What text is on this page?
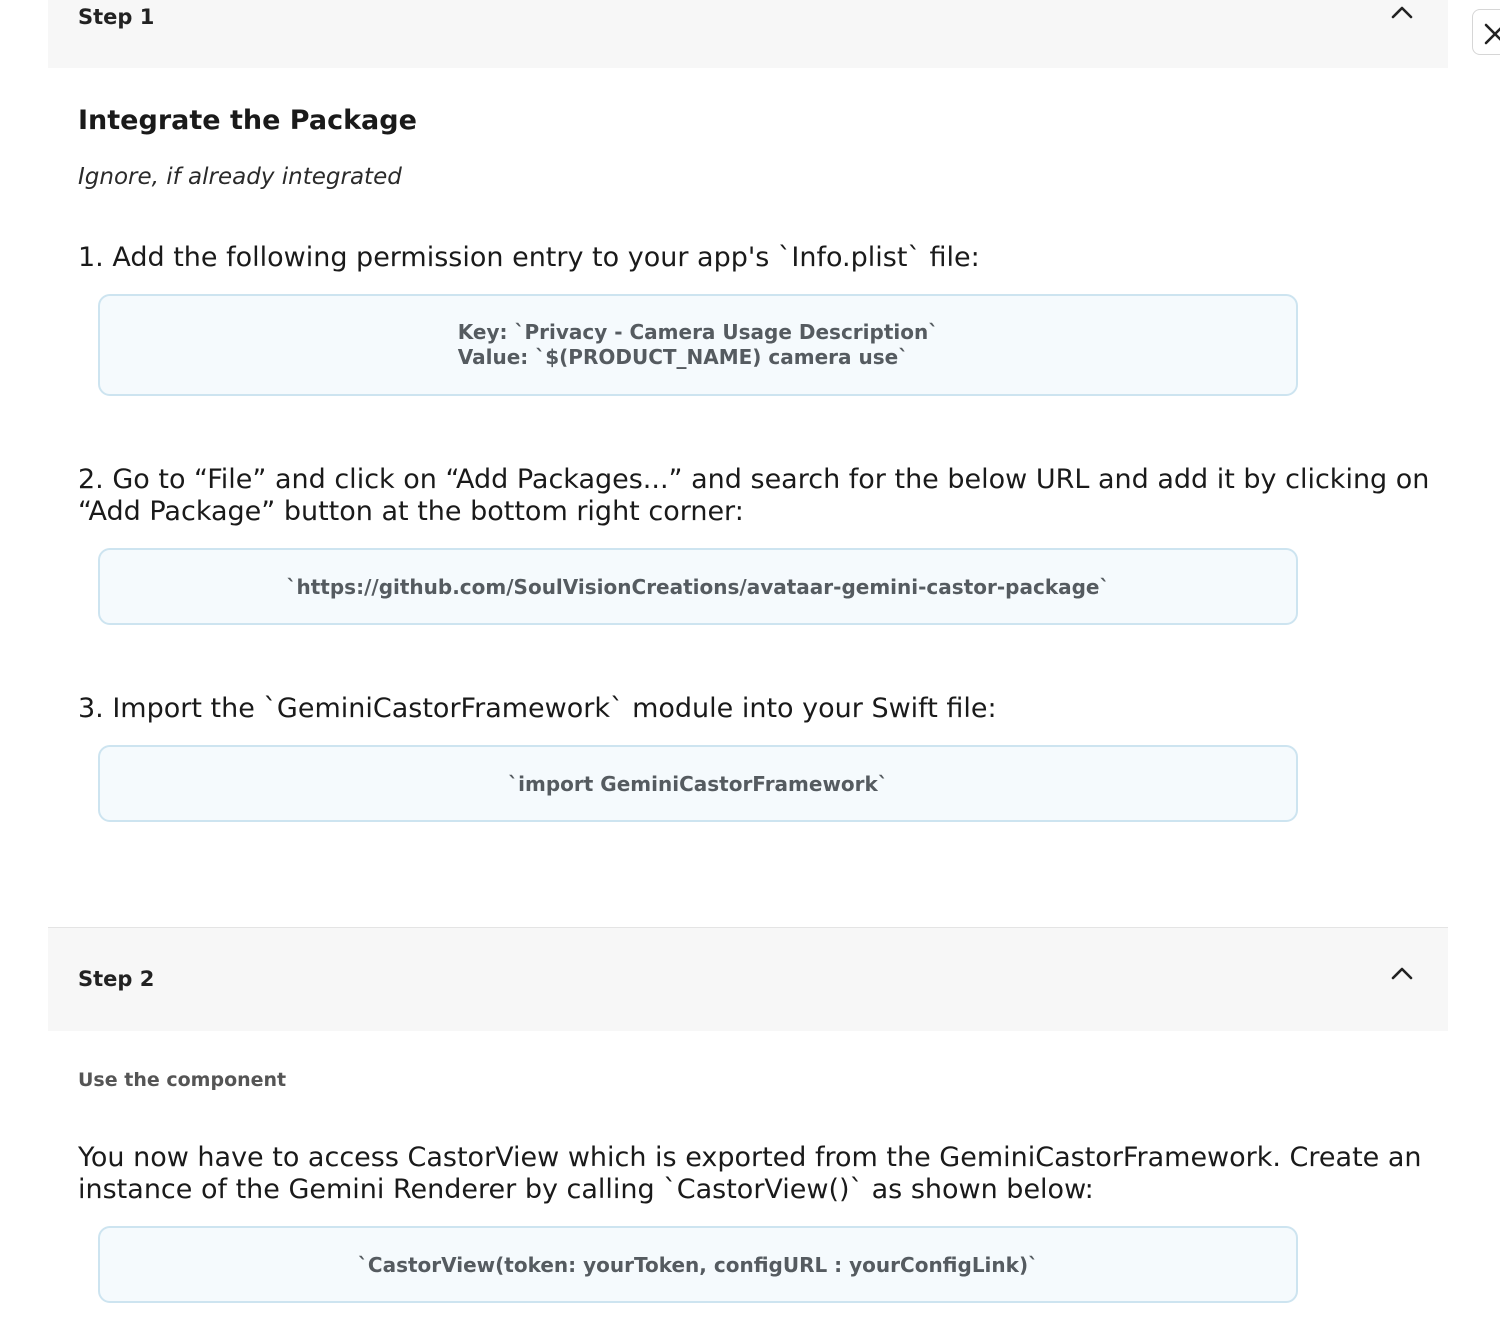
Step 1
Integrate the Package

Ignore, if already integrated

1. Add the following permission entry to your app's `Info.plist` file:

Key: `Privacy - Camera Usage Description`
Value: `$(PRODUCT_NAME) camera use`

2. Go to “File” and click on “Add Packages...” and search for the below URL and add it by clicking on “Add Package” button at the bottom right corner:

`https://github.com/SoulVisionCreations/avataar-gemini-castor-package`

3. Import the `GeminiCastorFramework` module into your Swift file:

`import GeminiCastorFramework`
Step 2

Use the component

You now have to access CastorView which is exported from the GeminiCastorFramework. Create an instance of the Gemini Renderer by calling `CastorView()` as shown below:

`CastorView(token: yourToken, configURL : yourConfigLink)`
